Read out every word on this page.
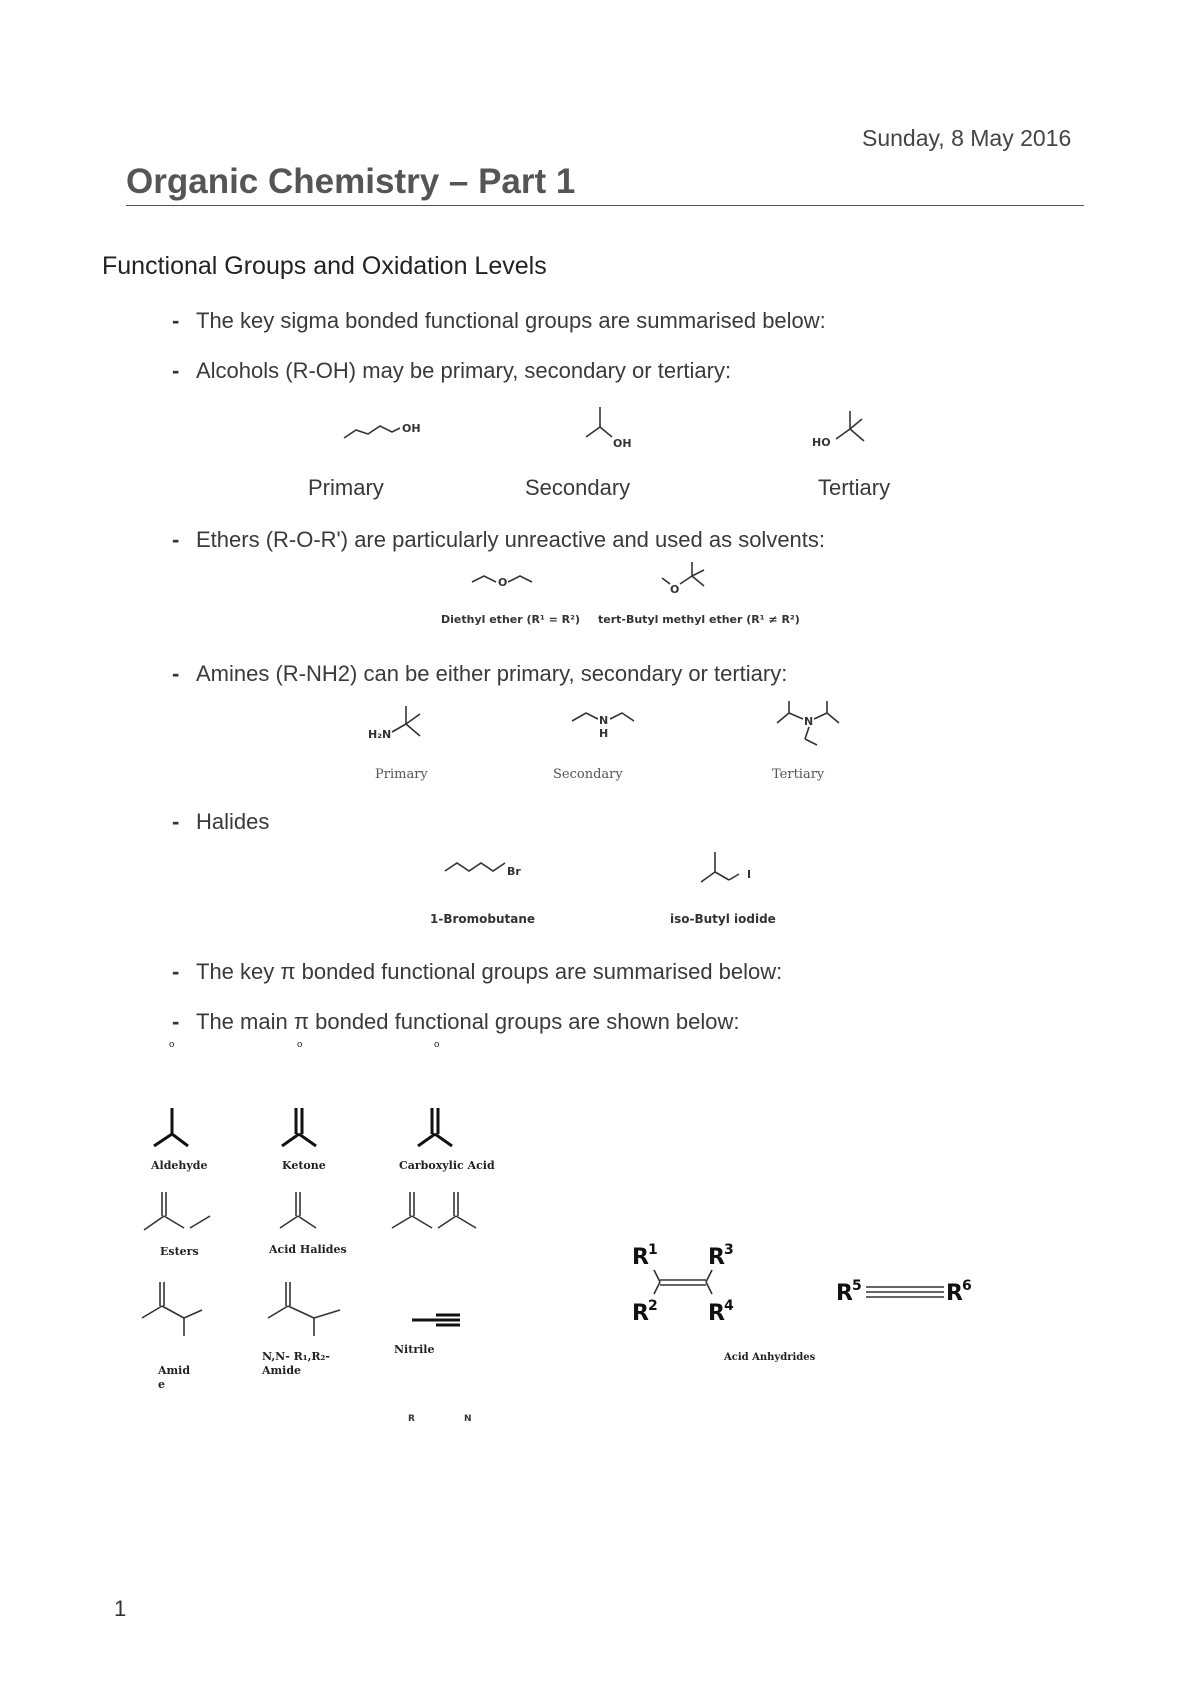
Sunday, 8 May 2016
Organic Chemistry – Part 1
Functional Groups and Oxidation Levels
- The key sigma bonded functional groups are summarised below:
- Alcohols (R-OH) may be primary, secondary or tertiary:
OH
OH	HO
Primary	Secondary	Tertiary
- Ethers (R-O-R') are particularly unreactive and used as solvents:
O
O
Diethyl ether (R¹ = R²) tert-Butyl methyl ether (R¹ ≠ R²)
- Amines (R-NH2) can be either primary, secondary or tertiary:
H₂N
N
H
N
Primary	Secondary	Tertiary
- Halides
Br	I
1-Bromobutane	iso-Butyl iodide
- The key π bonded functional groups are summarised below:
- The main π bonded functional groups are shown below:
o	o	o
Aldehyde	Ketone	Carboxylic Acid
Esters	Acid Halides
Amid
e
N,N- R₁,R₂-
Amide
Nitrile
R	N
R 1 R 3
R 2 R 4
Acid Anhydrides
R 5	R 6
1
